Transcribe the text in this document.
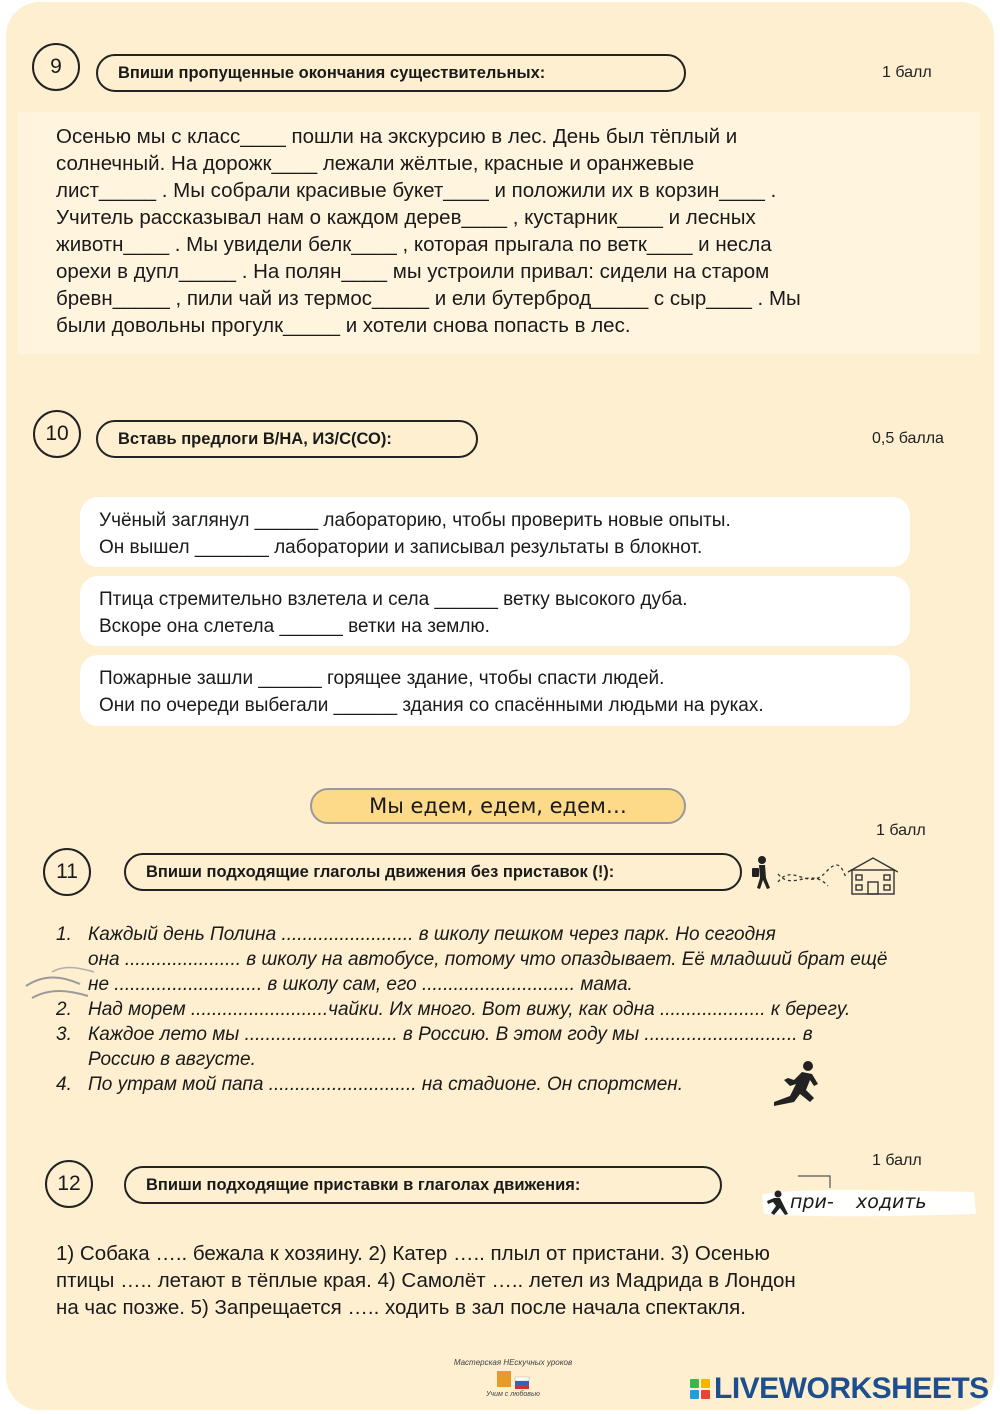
9	Впиши пропущенные окончания существительных:	1 балл
Осенью мы с класс____ пошли на экскурсию в лес. День был тёплый и
солнечный. На дорожк____ лежали жёлтые, красные и оранжевые
лист_____ . Мы собрали красивые букет____ и положили их в корзин____ .
Учитель рассказывал нам о каждом дерев____ , кустарник____ и лесных
животн____ . Мы увидели белк____ , которая прыгала по ветк____ и несла
орехи в дупл_____ . На полян____ мы устроили привал: сидели на старом
бревн_____ , пили чай из термос_____ и ели бутерброд_____ с сыр____ . Мы
были довольны прогулк_____ и хотели снова попасть в лес.
10	Вставь предлоги В/НА, ИЗ/С(СО):	0,5 балла
Учёный заглянул ______ лабораторию, чтобы проверить новые опыты.
Он вышел _______ лаборатории и записывал результаты в блокнот.
Птица стремительно взлетела и села ______ ветку высокого дуба.
Вскоре она слетела ______ ветки на землю.
Пожарные зашли ______ горящее здание, чтобы спасти людей.
Они по очереди выбегали ______ здания со спасёнными людьми на руках.
Мы едем, едем, едем…
1 балл
11	Впиши подходящие глаголы движения без приставок (!):
1. Каждый день Полина ......................... в школу пешком через парк. Но сегодня
она ...................... в школу на автобусе, потому что опаздывает. Её младший брат ещё
не ............................ в школу сам, его ............................. мама.
2. Над морем ..........................чайки. Их много. Вот вижу, как одна .................... к берегу.
3. Каждое лето мы ............................. в Россию. В этом году мы ............................. в
Россию в августе.
4. По утрам мой папа ............................ на стадионе. Он спортсмен.
1 балл
12	Впиши подходящие приставки в глаголах движения:
при- ходить
1) Собака ….. бежала к хозяину. 2) Катер ….. плыл от пристани. 3) Осенью
птицы ….. летают в тёплые края. 4) Самолёт ….. летел из Мадрида в Лондон
на час позже. 5) Запрещается ….. ходить в зал после начала спектакля.
Мастерская НЕскучных уроков
Учим с любовью	LIVEWORKSHEETS
